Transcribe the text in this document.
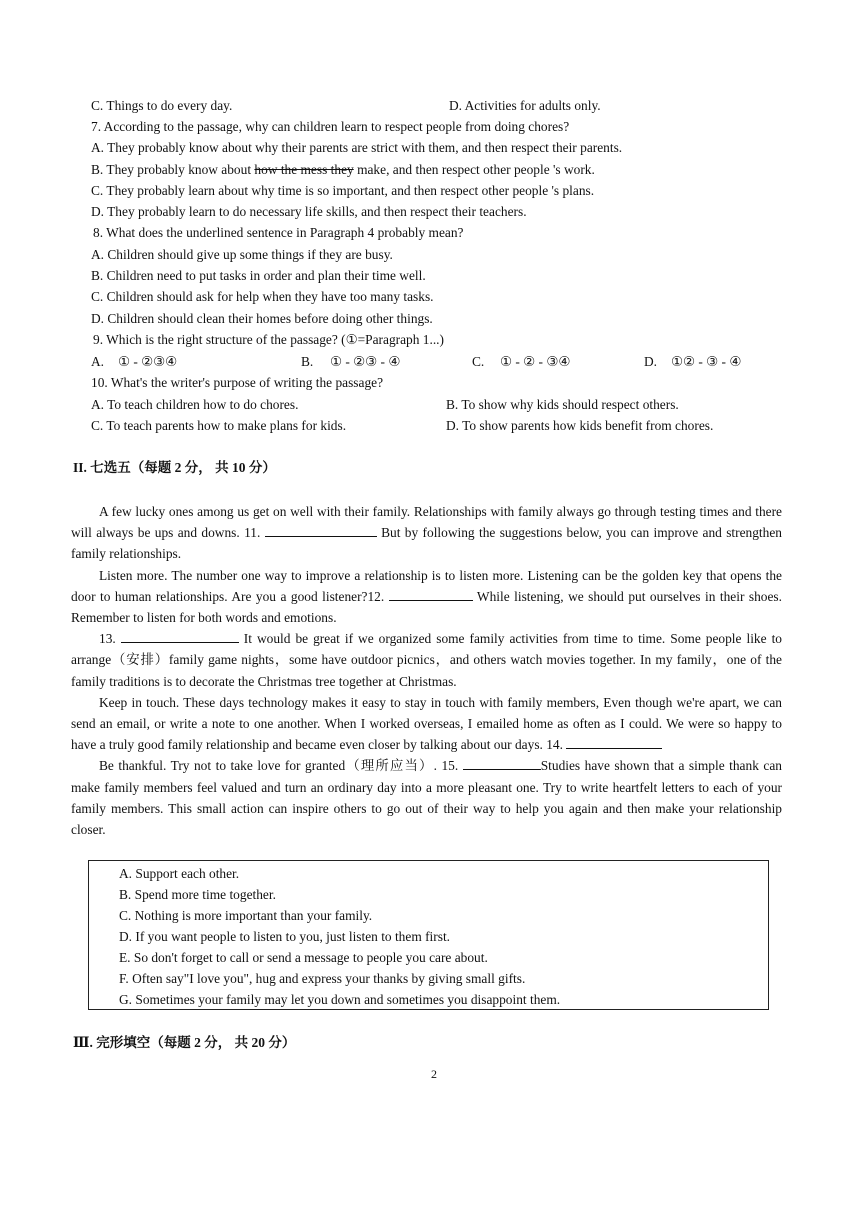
C. Things to do every day.	D. Activities for adults only.
7. According to the passage, why can children learn to respect people from doing chores?
A. They probably know about why their parents are strict with them, and then respect their parents.
B. They probably know about how the mess they make, and then respect other people 's work.
C. They probably learn about why time is so important, and then respect other people 's plans.
D. They probably learn to do necessary life skills, and then respect their teachers.
8. What does the underlined sentence in Paragraph 4 probably mean?
A. Children should give up some things if they are busy.
B. Children need to put tasks in order and plan their time well.
C. Children should ask for help when they have too many tasks.
D. Children should clean their homes before doing other things.
9. Which is the right structure of the passage? (①=Paragraph 1...)
A. ① - ②③④	B. ① - ②③ - ④	C. ① - ② - ③④	D. ①② - ③ - ④
10. What's the writer's purpose of writing the passage?
A. To teach children how to do chores.	B. To show why kids should respect others.
C. To teach parents how to make plans for kids.	D. To show parents how kids benefit from chores.
II. 七选五（每题 2 分， 共 10 分）

A few lucky ones among us get on well with their family. Relationships with family always go through testing times and there will always be ups and downs. 11.	But by following the suggestions below, you can improve and strengthen family relationships.

Listen more. The number one way to improve a relationship is to listen more. Listening can be the golden key that opens the door to human relationships. Are you a good listener?12.	While listening, we should put ourselves in their shoes. Remember to listen for both words and emotions.

13.	It would be great if we organized some family activities from time to time. Some people like to arrange（安排）family game nights，some have outdoor picnics，and others watch movies together. In my family，one of the family traditions is to decorate the Christmas tree together at Christmas.

Keep in touch. These days technology makes it easy to stay in touch with family members, Even though we're apart, we can send an email, or write a note to one another. When I worked overseas, I emailed home as often as I could. We were so happy to have a truly good family relationship and became even closer by talking about our days. 14.

Be thankful. Try not to take love for granted（理所应当）. 15.	Studies have shown that a simple thank can make family members feel valued and turn an ordinary day into a more pleasant one. Try to write heartfelt letters to each of your family members. This small action can inspire others to go out of their way to help you again and then make your relationship closer.

A. Support each other.
B. Spend more time together.
C. Nothing is more important than your family.
D. If you want people to listen to you, just listen to them first.
E. So don't forget to call or send a message to people you care about.
F. Often say"I love you", hug and express your thanks by giving small gifts.
G. Sometimes your family may let you down and sometimes you disappoint them.
Ⅲ. 完形填空（每题 2 分， 共 20 分）
2
